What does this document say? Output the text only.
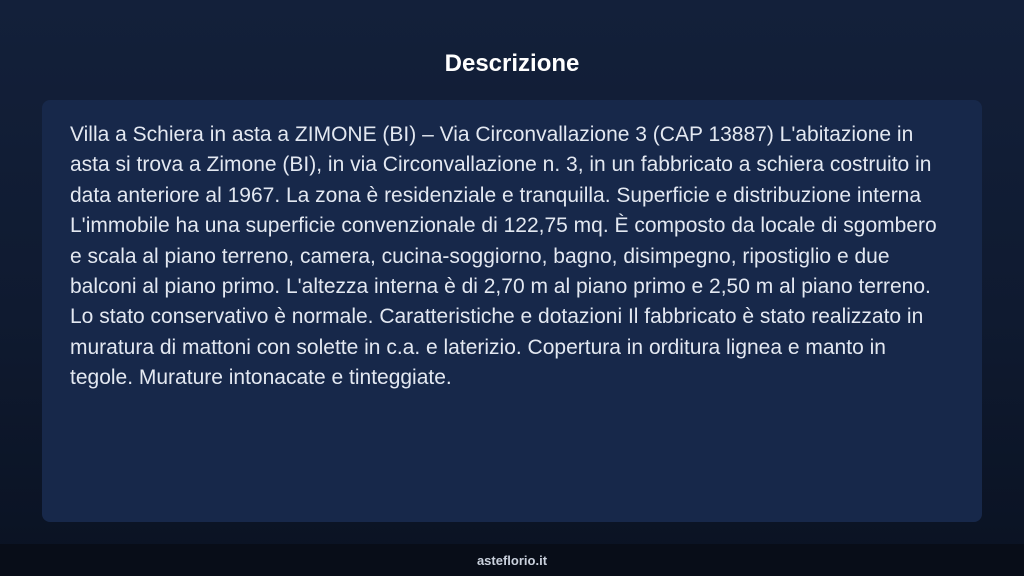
Descrizione

Villa a Schiera in asta a ZIMONE (BI) – Via Circonvallazione 3 (CAP 13887) L'abitazione in asta si trova a Zimone (BI), in via Circonvallazione n. 3, in un fabbricato a schiera costruito in data anteriore al 1967. La zona è residenziale e tranquilla. Superficie e distribuzione interna L'immobile ha una superficie convenzionale di 122,75 mq. È composto da locale di sgombero e scala al piano terreno, camera, cucina-soggiorno, bagno, disimpegno, ripostiglio e due balconi al piano primo. L'altezza interna è di 2,70 m al piano primo e 2,50 m al piano terreno. Lo stato conservativo è normale. Caratteristiche e dotazioni Il fabbricato è stato realizzato in muratura di mattoni con solette in c.a. e laterizio. Copertura in orditura lignea e manto in tegole. Murature intonacate e tinteggiate.

asteflorio.it
